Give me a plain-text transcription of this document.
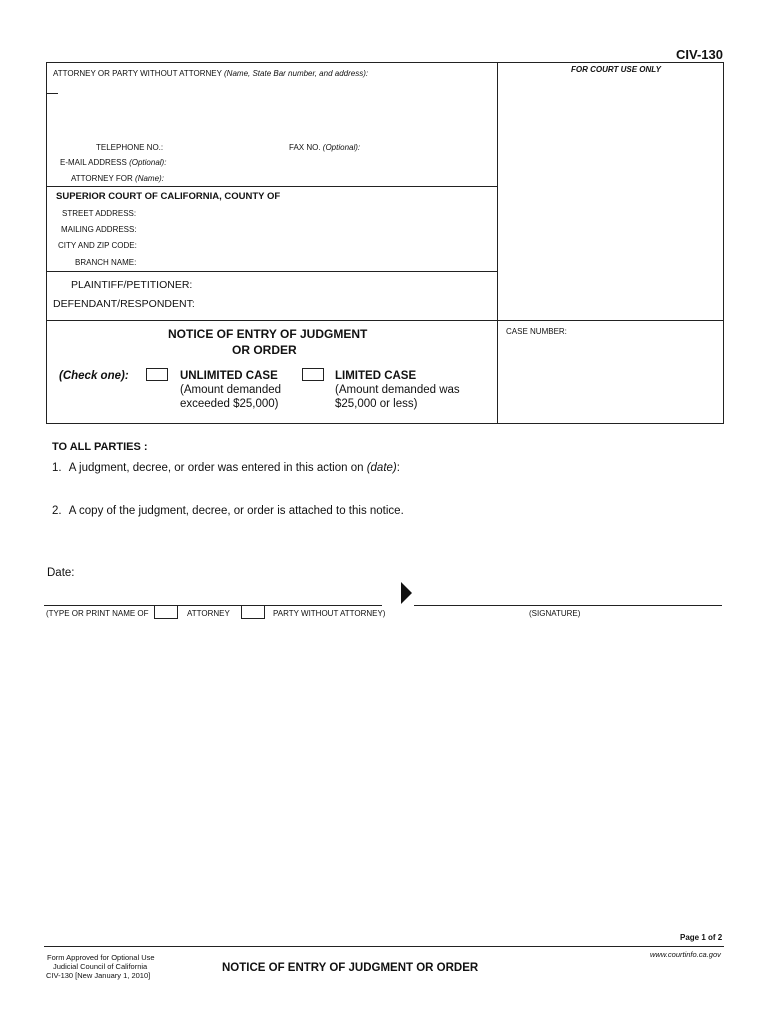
CIV-130
ATTORNEY OR PARTY WITHOUT ATTORNEY (Name, State Bar number, and address):	FOR COURT USE ONLY
TELEPHONE NO.:	FAX NO. (Optional):
E-MAIL ADDRESS (Optional):
ATTORNEY FOR (Name):
SUPERIOR COURT OF CALIFORNIA, COUNTY OF
STREET ADDRESS:
MAILING ADDRESS:
CITY AND ZIP CODE:
BRANCH NAME:
PLAINTIFF/PETITIONER:
DEFENDANT/RESPONDENT:
NOTICE OF ENTRY OF JUDGMENT
OR ORDER
CASE NUMBER:
(Check one):	UNLIMITED CASE
(Amount demanded
exceeded $25,000)
LIMITED CASE
(Amount demanded was
$25,000 or less)
TO ALL PARTIES :
1. A judgment, decree, or order was entered in this action on (date):
2. A copy of the judgment, decree, or order is attached to this notice.
Date:
(TYPE OR PRINT NAME OF	ATTORNEY	PARTY WITHOUT ATTORNEY)	(SIGNATURE)
Page 1 of 2
Form Approved for Optional Use
Judicial Council of California
CIV-130 [New January 1, 2010]
NOTICE OF ENTRY OF JUDGMENT OR ORDER
www.courtinfo.ca.gov
